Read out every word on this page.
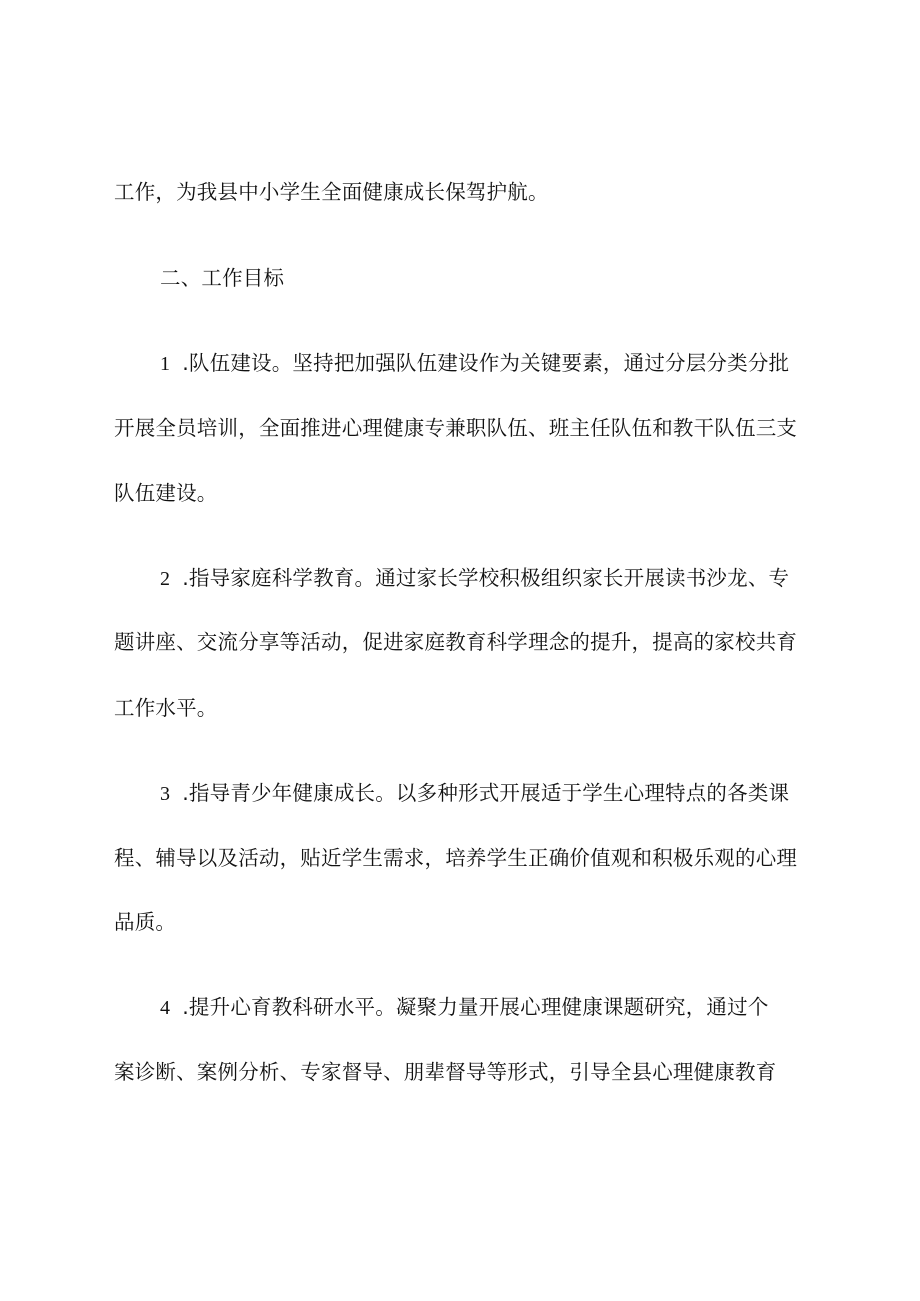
工作，为我县中小学生全面健康成长保驾护航。
二、工作目标
1 .队伍建设。坚持把加强队伍建设作为关键要素，通过分层分类分批
开展全员培训，全面推进心理健康专兼职队伍、班主任队伍和教干队伍三支
队伍建设。
2 .指导家庭科学教育。通过家长学校积极组织家长开展读书沙龙、专
题讲座、交流分享等活动，促进家庭教育科学理念的提升，提高的家校共育
工作水平。
3 .指导青少年健康成长。以多种形式开展适于学生心理特点的各类课
程、辅导以及活动，贴近学生需求，培养学生正确价值观和积极乐观的心理
品质。
4 .提升心育教科研水平。凝聚力量开展心理健康课题研究，通过个
案诊断、案例分析、专家督导、朋辈督导等形式，引导全县心理健康教育
